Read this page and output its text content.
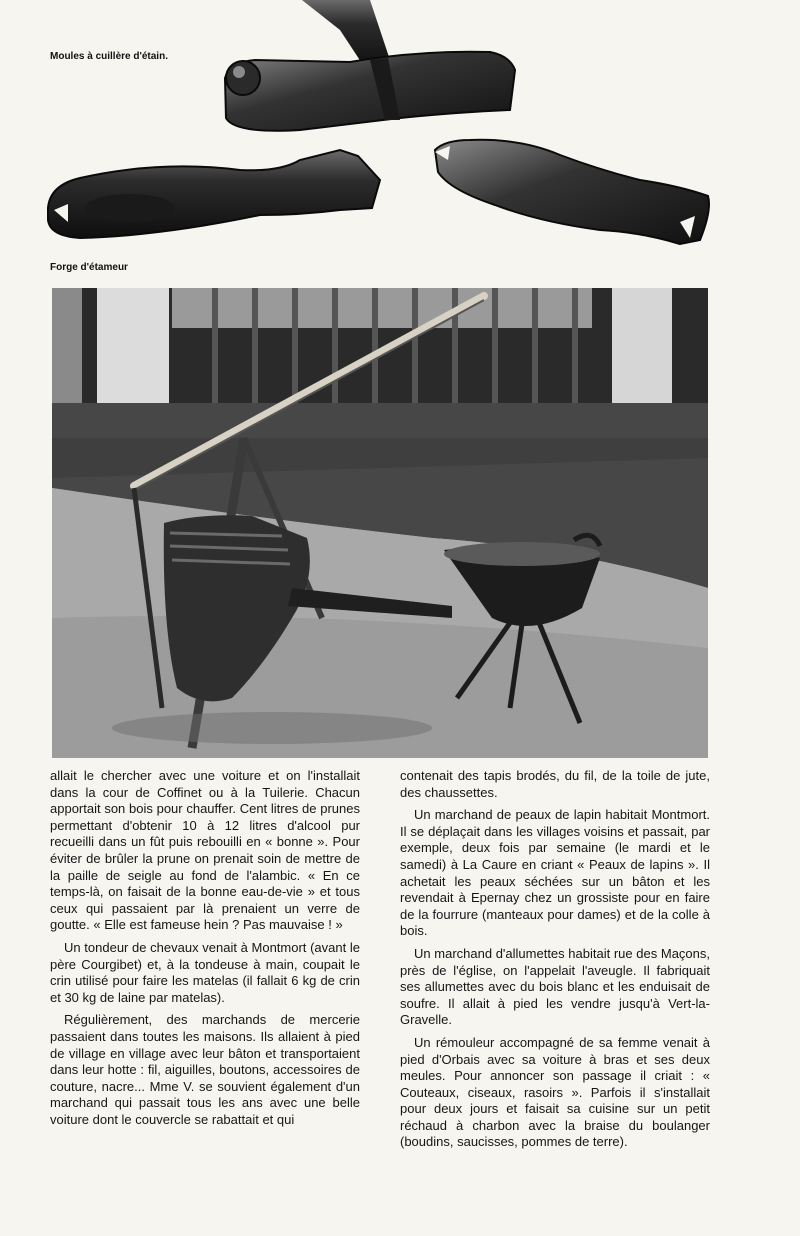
Moules à cuillère d'étain.
Forge d'étameur

allait le chercher avec une voiture et on l'installait dans la cour de Coffinet ou à la Tuilerie. Chacun apportait son bois pour chauffer. Cent litres de prunes permettant d'obtenir 10 à 12 litres d'alcool pur recueilli dans un fût puis rebouilli en « bonne ». Pour éviter de brûler la prune on prenait soin de mettre de la paille de seigle au fond de l'alambic. « En ce temps-là, on faisait de la bonne eau-de-vie » et tous ceux qui passaient par là prenaient un verre de goutte. « Elle est fameuse hein ? Pas mauvaise ! »

Un tondeur de chevaux venait à Montmort (avant le père Courgibet) et, à la tondeuse à main, coupait le crin utilisé pour faire les matelas (il fallait 6 kg de crin et 30 kg de laine par matelas).

Régulièrement, des marchands de mercerie passaient dans toutes les maisons. Ils allaient à pied de village en village avec leur bâton et transportaient dans leur hotte : fil, aiguilles, boutons, accessoires de couture, nacre... Mme V. se souvient également d'un marchand qui passait tous les ans avec une belle voiture dont le couvercle se rabattait et qui

contenait des tapis brodés, du fil, de la toile de jute, des chaussettes.

Un marchand de peaux de lapin habitait Montmort. Il se déplaçait dans les villages voisins et passait, par exemple, deux fois par semaine (le mardi et le samedi) à La Caure en criant « Peaux de lapins ». Il achetait les peaux séchées sur un bâton et les revendait à Epernay chez un grossiste pour en faire de la fourrure (manteaux pour dames) et de la colle à bois.

Un marchand d'allumettes habitait rue des Maçons, près de l'église, on l'appelait l'aveugle. Il fabriquait ses allumettes avec du bois blanc et les enduisait de soufre. Il allait à pied les vendre jusqu'à Vert-la-Gravelle.

Un rémouleur accompagné de sa femme venait à pied d'Orbais avec sa voiture à bras et ses deux meules. Pour annoncer son passage il criait : « Couteaux, ciseaux, rasoirs ». Parfois il s'installait pour deux jours et faisait sa cuisine sur un petit réchaud à charbon avec la braise du boulanger (boudins, saucisses, pommes de terre).
